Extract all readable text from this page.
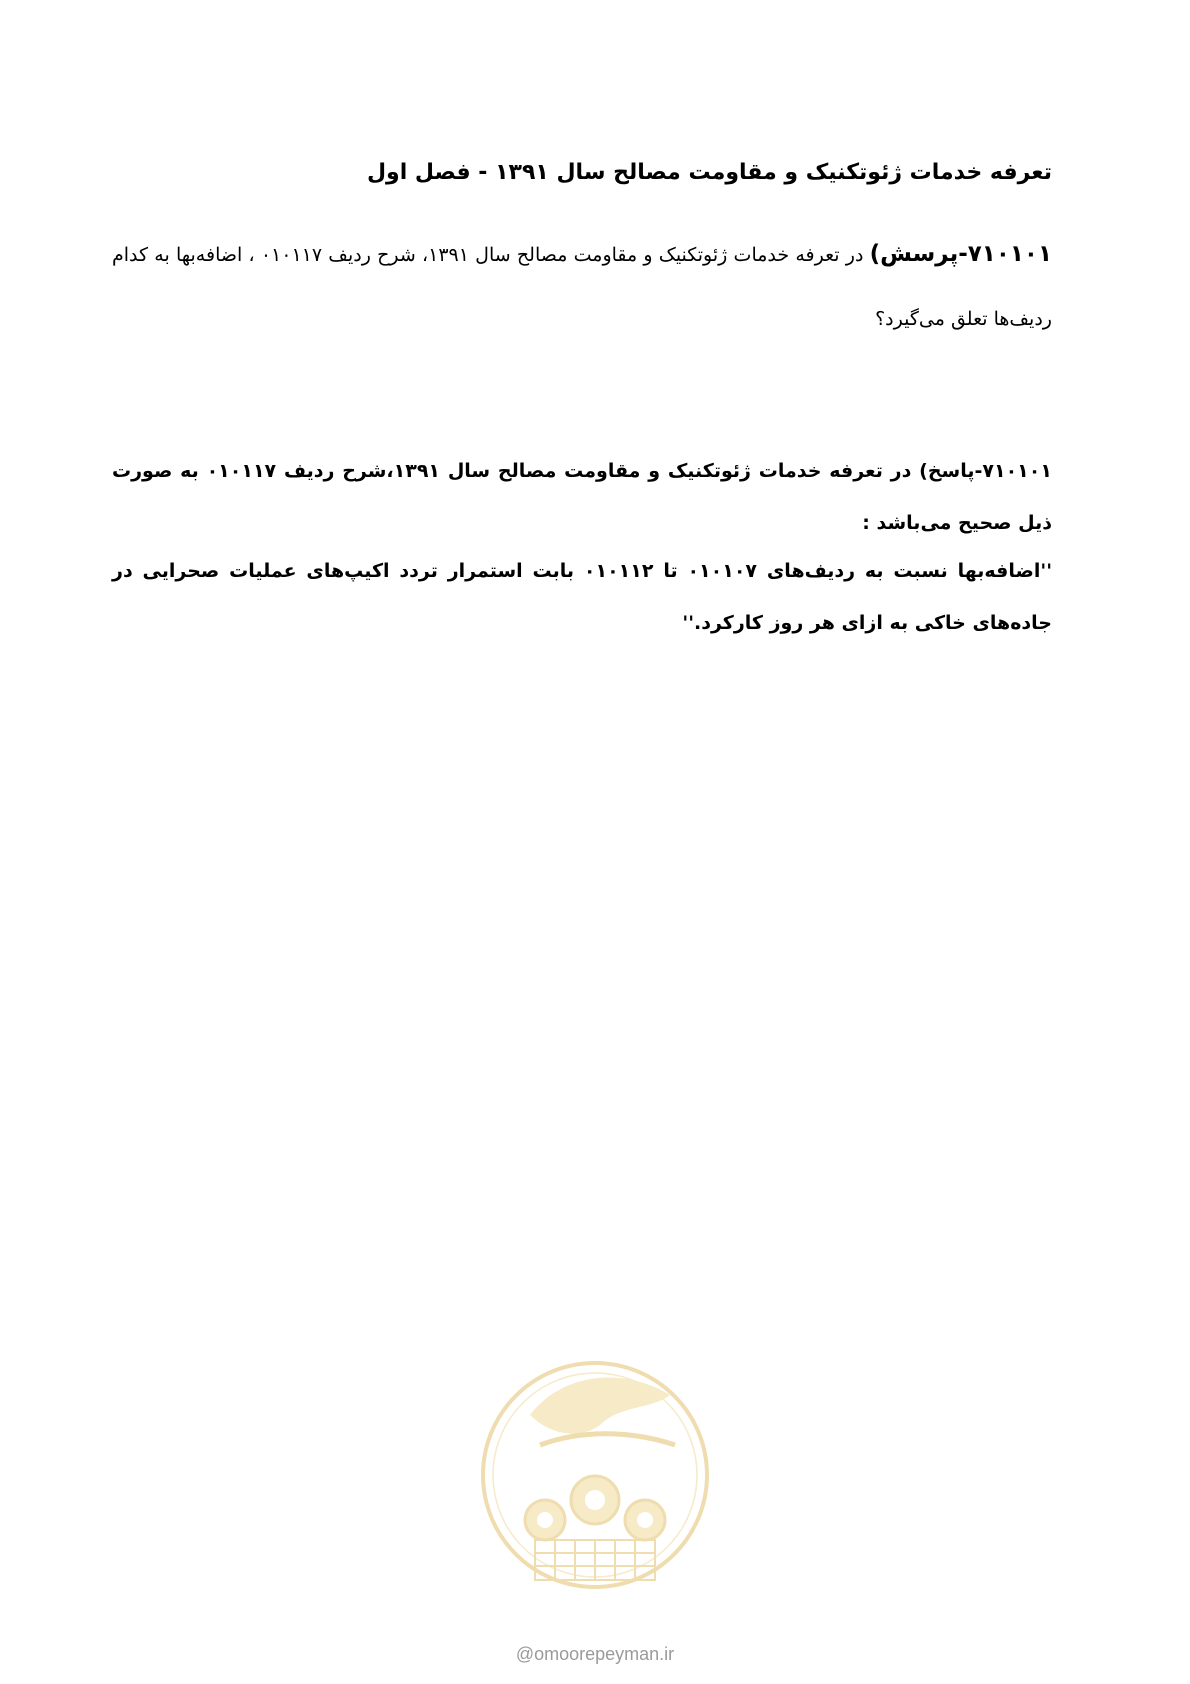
تعرفه خدمات ژئوتکنیک و مقاومت مصالح سال ۱۳۹۱ - فصل اول
۷۱۰۱۰۱-پرسش) در تعرفه خدمات ژئوتکنیک و مقاومت مصالح سال ۱۳۹۱، شرح ردیف ۰۱۰۱۱۷ ، اضافه‌بها به کدام ردیف‌ها تعلق می‌گیرد؟
۷۱۰۱۰۱-پاسخ) در تعرفه خدمات ژئوتکنیک و مقاومت مصالح سال ۱۳۹۱،شرح ردیف ۰۱۰۱۱۷ به صورت ذیل صحیح می‌باشد :
''اضافه‌بها نسبت به ردیف‌های ۰۱۰۱۰۷ تا ۰۱۰۱۱۲ بابت استمرار تردد اکیپ‌های عملیات صحرایی در جاده‌های خاکی به ازای هر روز کارکرد.''
@omoorepeyman.ir
